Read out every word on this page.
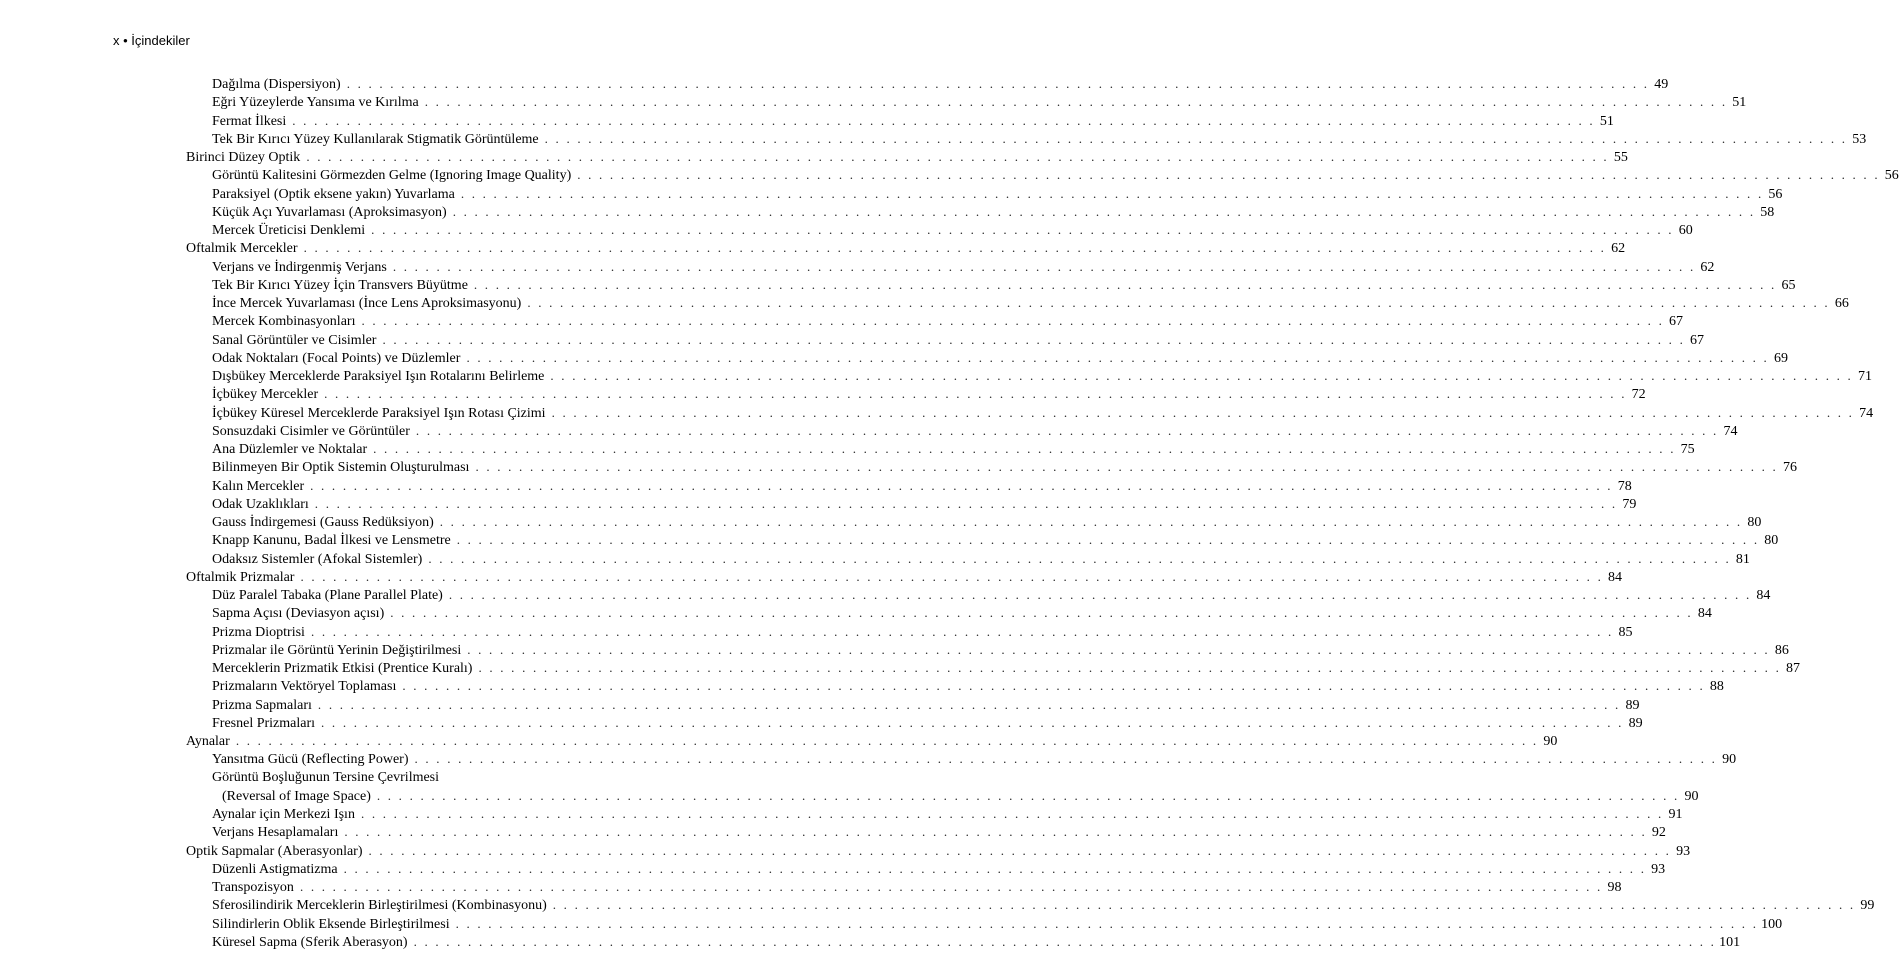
x • İçindekiler
Dağılma (Dispersiyon) . . . . . . . . . . . . . . . . . . . . . . . . . . . . . . . . . . . . . . . . . . . . . . . . . . . . . . . . . . . . . . . . . . . . . . . . . . . . . . . . . . . . . . . . . . . . . . . . . . . . . . . . . . . . . . . . . . . . . . . . 49
Eğri Yüzeylerde Yansıma ve Kırılma . . . . . . . . . . . . . . . . . . . . . . . . . . . . . . . . . . . . . . . . . . . . . . . . . . . . . . . . . . . . . . . . . . . . . . . . . . . . . . . . . . . . . . . . . . . . . . . . . . . . . . . . . . . . . . . . . . . . . . . . 51
Fermat İlkesi . . . . . . . . . . . . . . . . . . . . . . . . . . . . . . . . . . . . . . . . . . . . . . . . . . . . . . . . . . . . . . . . . . . . . . . . . . . . . . . . . . . . . . . . . . . . . . . . . . . . . . . . . . . . . . . . . . . . . . . . 51
Tek Bir Kırıcı Yüzey Kullanılarak Stigmatik Görüntüleme . . . . . . . . . . . . . . . . . . . . . . . . . . . . . . . . . . . . . . . . . . . . . . . . . . . . . . . . . . . . . . . . . . . . . . . . . . . . . . . . . . . . . . . . . . . . . . . . . . . . . . . . . . . . . . . . . . . . . . . . 53
Birinci Düzey Optik . . . . . . . . . . . . . . . . . . . . . . . . . . . . . . . . . . . . . . . . . . . . . . . . . . . . . . . . . . . . . . . . . . . . . . . . . . . . . . . . . . . . . . . . . . . . . . . . . . . . . . . . . . . . . . . . . . . . . . . . 55
Görüntü Kalitesini Görmezden Gelme (Ignoring Image Quality) . . . . . . . . . . . . . . . . . . . . . . . . . . . . . . . . . . . . . . . . . . . . . . . . . . . . . . . . . . . . . . . . . . . . . . . . . . . . . . . . . . . . . . . . . . . . . . . . . . . . . . . . . . . . . . . . . . . . . . . . 56
Paraksiyel (Optik eksene yakın) Yuvarlama . . . . . . . . . . . . . . . . . . . . . . . . . . . . . . . . . . . . . . . . . . . . . . . . . . . . . . . . . . . . . . . . . . . . . . . . . . . . . . . . . . . . . . . . . . . . . . . . . . . . . . . . . . . . . . . . . . . . . . . . 56
Küçük Açı Yuvarlaması (Aproksimasyon) . . . . . . . . . . . . . . . . . . . . . . . . . . . . . . . . . . . . . . . . . . . . . . . . . . . . . . . . . . . . . . . . . . . . . . . . . . . . . . . . . . . . . . . . . . . . . . . . . . . . . . . . . . . . . . . . . . . . . . . . 58
Mercek Üreticisi Denklemi . . . . . . . . . . . . . . . . . . . . . . . . . . . . . . . . . . . . . . . . . . . . . . . . . . . . . . . . . . . . . . . . . . . . . . . . . . . . . . . . . . . . . . . . . . . . . . . . . . . . . . . . . . . . . . . . . . . . . . . . 60
Oftalmik Mercekler . . . . . . . . . . . . . . . . . . . . . . . . . . . . . . . . . . . . . . . . . . . . . . . . . . . . . . . . . . . . . . . . . . . . . . . . . . . . . . . . . . . . . . . . . . . . . . . . . . . . . . . . . . . . . . . . . . . . . . . . 62
Verjans ve İndirgenmiş Verjans . . . . . . . . . . . . . . . . . . . . . . . . . . . . . . . . . . . . . . . . . . . . . . . . . . . . . . . . . . . . . . . . . . . . . . . . . . . . . . . . . . . . . . . . . . . . . . . . . . . . . . . . . . . . . . . . . . . . . . . . 62
Tek Bir Kırıcı Yüzey İçin Transvers Büyütme . . . . . . . . . . . . . . . . . . . . . . . . . . . . . . . . . . . . . . . . . . . . . . . . . . . . . . . . . . . . . . . . . . . . . . . . . . . . . . . . . . . . . . . . . . . . . . . . . . . . . . . . . . . . . . . . . . . . . . . . 65
İnce Mercek Yuvarlaması (İnce Lens Aproksimasyonu) . . . . . . . . . . . . . . . . . . . . . . . . . . . . . . . . . . . . . . . . . . . . . . . . . . . . . . . . . . . . . . . . . . . . . . . . . . . . . . . . . . . . . . . . . . . . . . . . . . . . . . . . . . . . . . . . . . . . . . . . 66
Mercek Kombinasyonları . . . . . . . . . . . . . . . . . . . . . . . . . . . . . . . . . . . . . . . . . . . . . . . . . . . . . . . . . . . . . . . . . . . . . . . . . . . . . . . . . . . . . . . . . . . . . . . . . . . . . . . . . . . . . . . . . . . . . . . . 67
Sanal Görüntüler ve Cisimler . . . . . . . . . . . . . . . . . . . . . . . . . . . . . . . . . . . . . . . . . . . . . . . . . . . . . . . . . . . . . . . . . . . . . . . . . . . . . . . . . . . . . . . . . . . . . . . . . . . . . . . . . . . . . . . . . . . . . . . . 67
Odak Noktaları (Focal Points) ve Düzlemler . . . . . . . . . . . . . . . . . . . . . . . . . . . . . . . . . . . . . . . . . . . . . . . . . . . . . . . . . . . . . . . . . . . . . . . . . . . . . . . . . . . . . . . . . . . . . . . . . . . . . . . . . . . . . . . . . . . . . . . . 69
Dışbükey Merceklerde Paraksiyel Işın Rotalarını Belirleme . . . . . . . . . . . . . . . . . . . . . . . . . . . . . . . . . . . . . . . . . . . . . . . . . . . . . . . . . . . . . . . . . . . . . . . . . . . . . . . . . . . . . . . . . . . . . . . . . . . . . . . . . . . . . . . . . . . . . . . . 71
İçbükey Mercekler . . . . . . . . . . . . . . . . . . . . . . . . . . . . . . . . . . . . . . . . . . . . . . . . . . . . . . . . . . . . . . . . . . . . . . . . . . . . . . . . . . . . . . . . . . . . . . . . . . . . . . . . . . . . . . . . . . . . . . . . 72
İçbükey Küresel Merceklerde Paraksiyel Işın Rotası Çizimi . . . . . . . . . . . . . . . . . . . . . . . . . . . . . . . . . . . . . . . . . . . . . . . . . . . . . . . . . . . . . . . . . . . . . . . . . . . . . . . . . . . . . . . . . . . . . . . . . . . . . . . . . . . . . . . . . . . . . . . . 74
Sonsuzdaki Cisimler ve Görüntüler . . . . . . . . . . . . . . . . . . . . . . . . . . . . . . . . . . . . . . . . . . . . . . . . . . . . . . . . . . . . . . . . . . . . . . . . . . . . . . . . . . . . . . . . . . . . . . . . . . . . . . . . . . . . . . . . . . . . . . . . 74
Ana Düzlemler ve Noktalar . . . . . . . . . . . . . . . . . . . . . . . . . . . . . . . . . . . . . . . . . . . . . . . . . . . . . . . . . . . . . . . . . . . . . . . . . . . . . . . . . . . . . . . . . . . . . . . . . . . . . . . . . . . . . . . . . . . . . . . . 75
Bilinmeyen Bir Optik Sistemin Oluşturulması . . . . . . . . . . . . . . . . . . . . . . . . . . . . . . . . . . . . . . . . . . . . . . . . . . . . . . . . . . . . . . . . . . . . . . . . . . . . . . . . . . . . . . . . . . . . . . . . . . . . . . . . . . . . . . . . . . . . . . . . 76
Kalın Mercekler . . . . . . . . . . . . . . . . . . . . . . . . . . . . . . . . . . . . . . . . . . . . . . . . . . . . . . . . . . . . . . . . . . . . . . . . . . . . . . . . . . . . . . . . . . . . . . . . . . . . . . . . . . . . . . . . . . . . . . . . 78
Odak Uzaklıkları . . . . . . . . . . . . . . . . . . . . . . . . . . . . . . . . . . . . . . . . . . . . . . . . . . . . . . . . . . . . . . . . . . . . . . . . . . . . . . . . . . . . . . . . . . . . . . . . . . . . . . . . . . . . . . . . . . . . . . . . 79
Gauss İndirgemesi (Gauss Redüksiyon) . . . . . . . . . . . . . . . . . . . . . . . . . . . . . . . . . . . . . . . . . . . . . . . . . . . . . . . . . . . . . . . . . . . . . . . . . . . . . . . . . . . . . . . . . . . . . . . . . . . . . . . . . . . . . . . . . . . . . . . . 80
Knapp Kanunu, Badal İlkesi ve Lensmetre . . . . . . . . . . . . . . . . . . . . . . . . . . . . . . . . . . . . . . . . . . . . . . . . . . . . . . . . . . . . . . . . . . . . . . . . . . . . . . . . . . . . . . . . . . . . . . . . . . . . . . . . . . . . . . . . . . . . . . . . 80
Odaksız Sistemler (Afokal Sistemler) . . . . . . . . . . . . . . . . . . . . . . . . . . . . . . . . . . . . . . . . . . . . . . . . . . . . . . . . . . . . . . . . . . . . . . . . . . . . . . . . . . . . . . . . . . . . . . . . . . . . . . . . . . . . . . . . . . . . . . . . 81
Oftalmik Prizmalar . . . . . . . . . . . . . . . . . . . . . . . . . . . . . . . . . . . . . . . . . . . . . . . . . . . . . . . . . . . . . . . . . . . . . . . . . . . . . . . . . . . . . . . . . . . . . . . . . . . . . . . . . . . . . . . . . . . . . . . . 84
Düz Paralel Tabaka (Plane Parallel Plate) . . . . . . . . . . . . . . . . . . . . . . . . . . . . . . . . . . . . . . . . . . . . . . . . . . . . . . . . . . . . . . . . . . . . . . . . . . . . . . . . . . . . . . . . . . . . . . . . . . . . . . . . . . . . . . . . . . . . . . . . 84
Sapma Açısı (Deviasyon açısı) . . . . . . . . . . . . . . . . . . . . . . . . . . . . . . . . . . . . . . . . . . . . . . . . . . . . . . . . . . . . . . . . . . . . . . . . . . . . . . . . . . . . . . . . . . . . . . . . . . . . . . . . . . . . . . . . . . . . . . . . 84
Prizma Dioptrisi . . . . . . . . . . . . . . . . . . . . . . . . . . . . . . . . . . . . . . . . . . . . . . . . . . . . . . . . . . . . . . . . . . . . . . . . . . . . . . . . . . . . . . . . . . . . . . . . . . . . . . . . . . . . . . . . . . . . . . . . 85
Prizmalar ile Görüntü Yerinin Değiştirilmesi . . . . . . . . . . . . . . . . . . . . . . . . . . . . . . . . . . . . . . . . . . . . . . . . . . . . . . . . . . . . . . . . . . . . . . . . . . . . . . . . . . . . . . . . . . . . . . . . . . . . . . . . . . . . . . . . . . . . . . . . 86
Merceklerin Prizmatik Etkisi (Prentice Kuralı) . . . . . . . . . . . . . . . . . . . . . . . . . . . . . . . . . . . . . . . . . . . . . . . . . . . . . . . . . . . . . . . . . . . . . . . . . . . . . . . . . . . . . . . . . . . . . . . . . . . . . . . . . . . . . . . . . . . . . . . . 87
Prizmaların Vektöryel Toplaması . . . . . . . . . . . . . . . . . . . . . . . . . . . . . . . . . . . . . . . . . . . . . . . . . . . . . . . . . . . . . . . . . . . . . . . . . . . . . . . . . . . . . . . . . . . . . . . . . . . . . . . . . . . . . . . . . . . . . . . . 88
Prizma Sapmaları . . . . . . . . . . . . . . . . . . . . . . . . . . . . . . . . . . . . . . . . . . . . . . . . . . . . . . . . . . . . . . . . . . . . . . . . . . . . . . . . . . . . . . . . . . . . . . . . . . . . . . . . . . . . . . . . . . . . . . . . 89
Fresnel Prizmaları . . . . . . . . . . . . . . . . . . . . . . . . . . . . . . . . . . . . . . . . . . . . . . . . . . . . . . . . . . . . . . . . . . . . . . . . . . . . . . . . . . . . . . . . . . . . . . . . . . . . . . . . . . . . . . . . . . . . . . . . 89
Aynalar . . . . . . . . . . . . . . . . . . . . . . . . . . . . . . . . . . . . . . . . . . . . . . . . . . . . . . . . . . . . . . . . . . . . . . . . . . . . . . . . . . . . . . . . . . . . . . . . . . . . . . . . . . . . . . . . . . . . . . . . 90
Yansıtma Gücü (Reflecting Power) . . . . . . . . . . . . . . . . . . . . . . . . . . . . . . . . . . . . . . . . . . . . . . . . . . . . . . . . . . . . . . . . . . . . . . . . . . . . . . . . . . . . . . . . . . . . . . . . . . . . . . . . . . . . . . . . . . . . . . . . 90
Görüntü Boşluğunun Tersine Çevrilmesi
(Reversal of Image Space) . . . . . . . . . . . . . . . . . . . . . . . . . . . . . . . . . . . . . . . . . . . . . . . . . . . . . . . . . . . . . . . . . . . . . . . . . . . . . . . . . . . . . . . . . . . . . . . . . . . . . . . . . . . . . . . . . . . . . . . . 90
Aynalar için Merkezi Işın . . . . . . . . . . . . . . . . . . . . . . . . . . . . . . . . . . . . . . . . . . . . . . . . . . . . . . . . . . . . . . . . . . . . . . . . . . . . . . . . . . . . . . . . . . . . . . . . . . . . . . . . . . . . . . . . . . . . . . . . 91
Verjans Hesaplamaları . . . . . . . . . . . . . . . . . . . . . . . . . . . . . . . . . . . . . . . . . . . . . . . . . . . . . . . . . . . . . . . . . . . . . . . . . . . . . . . . . . . . . . . . . . . . . . . . . . . . . . . . . . . . . . . . . . . . . . . . 92
Optik Sapmalar (Aberasyonlar) . . . . . . . . . . . . . . . . . . . . . . . . . . . . . . . . . . . . . . . . . . . . . . . . . . . . . . . . . . . . . . . . . . . . . . . . . . . . . . . . . . . . . . . . . . . . . . . . . . . . . . . . . . . . . . . . . . . . . . . . 93
Düzenli Astigmatizma . . . . . . . . . . . . . . . . . . . . . . . . . . . . . . . . . . . . . . . . . . . . . . . . . . . . . . . . . . . . . . . . . . . . . . . . . . . . . . . . . . . . . . . . . . . . . . . . . . . . . . . . . . . . . . . . . . . . . . . . 93
Transpozisyon . . . . . . . . . . . . . . . . . . . . . . . . . . . . . . . . . . . . . . . . . . . . . . . . . . . . . . . . . . . . . . . . . . . . . . . . . . . . . . . . . . . . . . . . . . . . . . . . . . . . . . . . . . . . . . . . . . . . . . . . 98
Sferosilindirik Merceklerin Birleştirilmesi (Kombinasyonu) . . . . . . . . . . . . . . . . . . . . . . . . . . . . . . . . . . . . . . . . . . . . . . . . . . . . . . . . . . . . . . . . . . . . . . . . . . . . . . . . . . . . . . . . . . . . . . . . . . . . . . . . . . . . . . . . . . . . . . . . 99
Silindirlerin Oblik Eksende Birleştirilmesi . . . . . . . . . . . . . . . . . . . . . . . . . . . . . . . . . . . . . . . . . . . . . . . . . . . . . . . . . . . . . . . . . . . . . . . . . . . . . . . . . . . . . . . . . . . . . . . . . . . . . . . . . . . . . . . . . . . . . . . . 100
Küresel Sapma (Sferik Aberasyon) . . . . . . . . . . . . . . . . . . . . . . . . . . . . . . . . . . . . . . . . . . . . . . . . . . . . . . . . . . . . . . . . . . . . . . . . . . . . . . . . . . . . . . . . . . . . . . . . . . . . . . . . . . . . . . . . . . . . . . . . 101
